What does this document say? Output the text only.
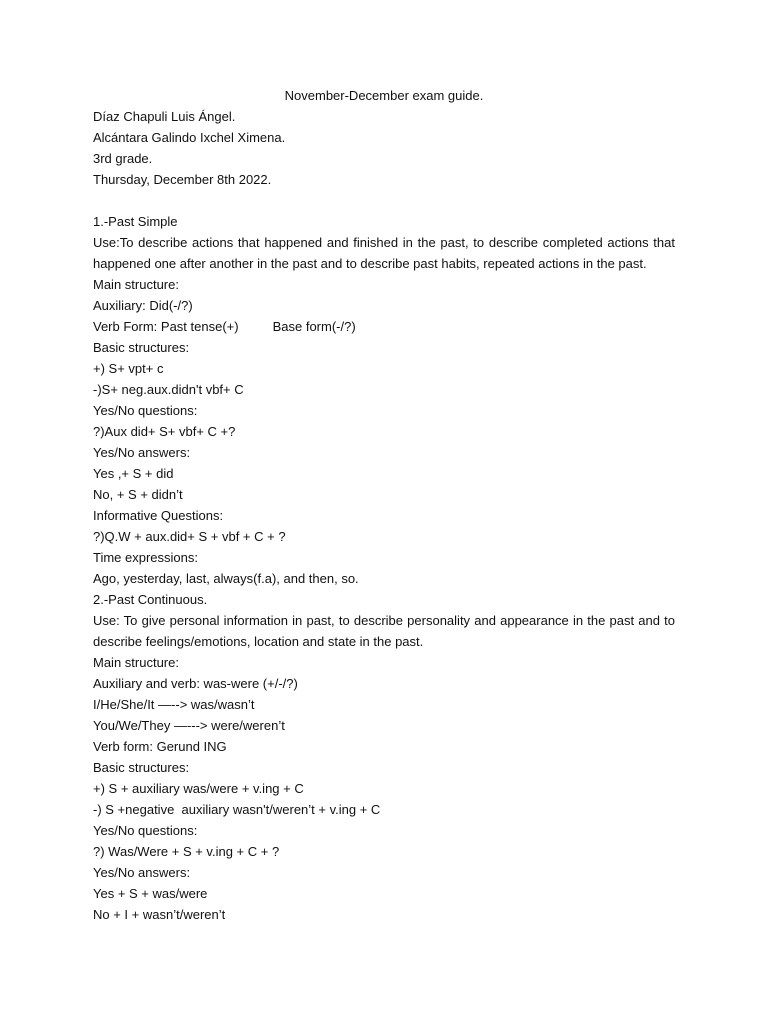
November-December exam guide.
Díaz Chapuli Luis Ángel.
Alcántara Galindo Ixchel Ximena.
3rd grade.
Thursday, December 8th 2022.
1.-Past Simple
Use:To describe actions that happened and finished in the past, to describe completed actions that happened one after another in the past and to describe past habits, repeated actions in the past.
Main structure:
Auxiliary: Did(-/?)
Verb Form: Past tense(+)	Base form(-/?)
Basic structures:
+) S+ vpt+ c
-)S+ neg.aux.didn't vbf+ C
Yes/No questions:
?)Aux did+ S+ vbf+ C +?
Yes/No answers:
Yes ,+ S + did
No, + S + didn’t
Informative Questions:
?)Q.W + aux.did+ S + vbf + C + ?
Time expressions:
Ago, yesterday, last, always(f.a), and then, so.
2.-Past Continuous.
Use: To give personal information in past, to describe personality and appearance in the past and to describe feelings/emotions, location and state in the past.
Main structure:
Auxiliary and verb: was-were (+/-/?)
I/He/She/It —--> was/wasn’t
You/We/They —---> were/weren’t
Verb form: Gerund ING
Basic structures:
+) S + auxiliary was/were + v.ing + C
-) S +negative  auxiliary wasn't/weren’t + v.ing + C
Yes/No questions:
?) Was/Were + S + v.ing + C + ?
Yes/No answers:
Yes + S + was/were
No + I + wasn’t/weren’t
